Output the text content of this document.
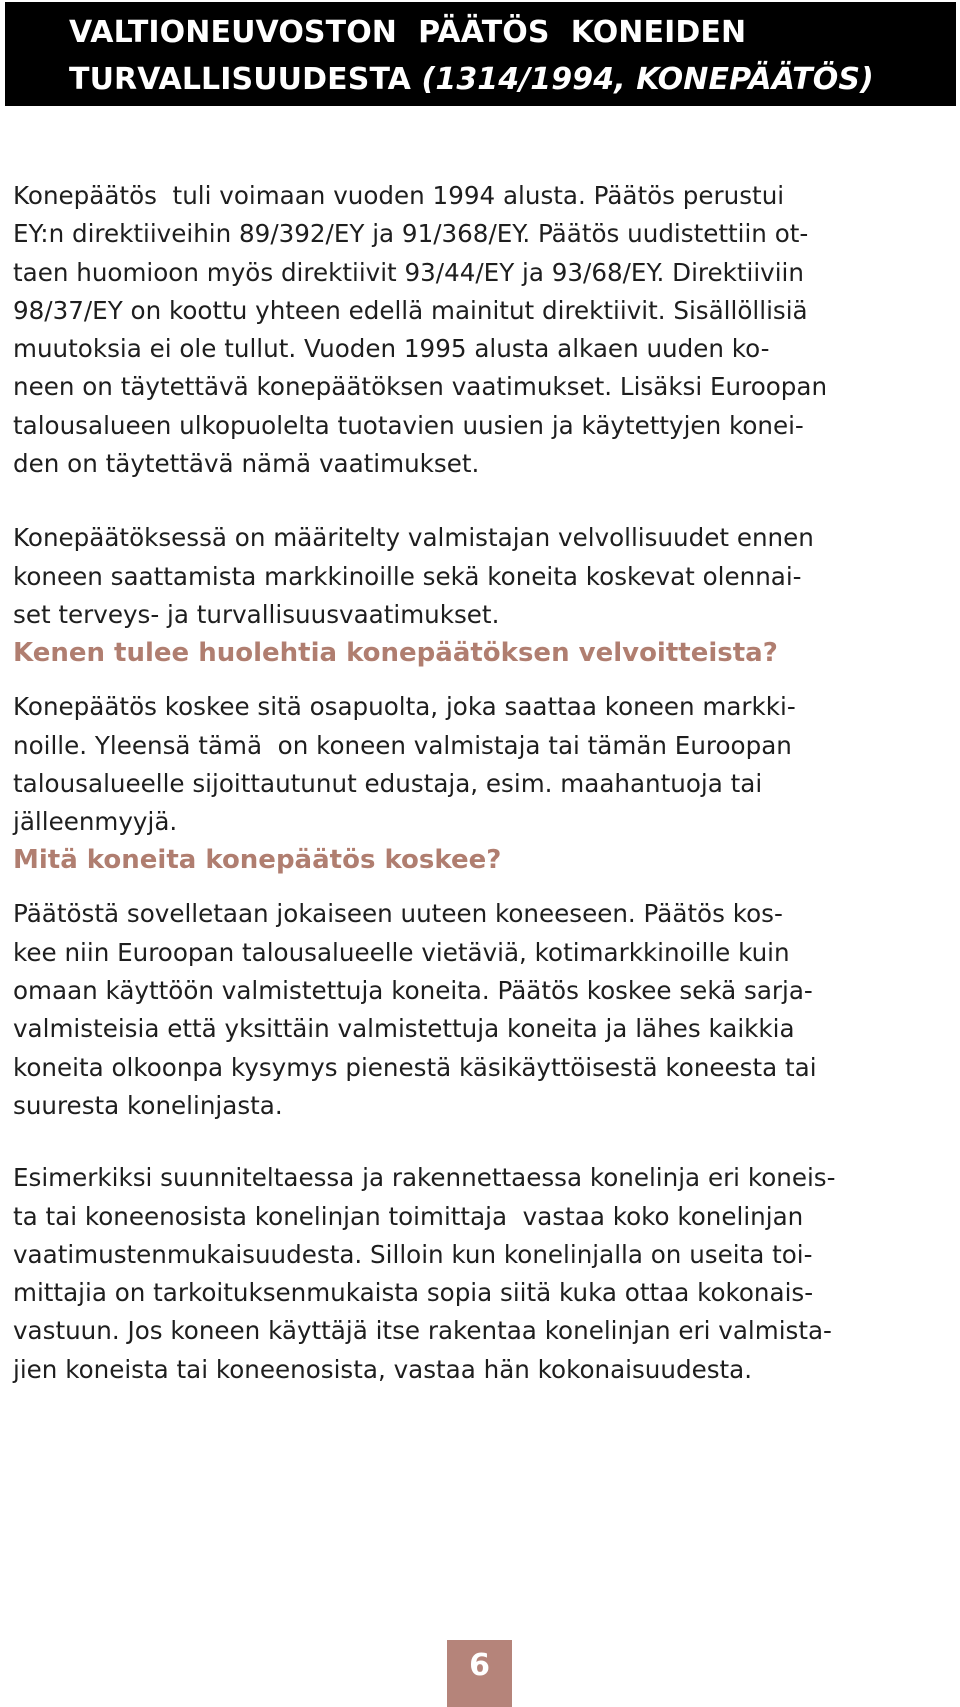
VALTIONEUVOSTON  PÄÄTÖS  KONEIDEN
TURVALLISUUDESTA (1314/1994, KONEPÄÄTÖS)

Konepäätös  tuli voimaan vuoden 1994 alusta. Päätös perustui
EY:n direktiiveihin 89/392/EY ja 91/368/EY. Päätös uudistettiin ot-
taen huomioon myös direktiivit 93/44/EY ja 93/68/EY. Direktiiviin
98/37/EY on koottu yhteen edellä mainitut direktiivit. Sisällöllisiä
muutoksia ei ole tullut. Vuoden 1995 alusta alkaen uuden ko-
neen on täytettävä konepäätöksen vaatimukset. Lisäksi Euroopan
talousalueen ulkopuolelta tuotavien uusien ja käytettyjen konei-
den on täytettävä nämä vaatimukset.

Konepäätöksessä on määritelty valmistajan velvollisuudet ennen
koneen saattamista markkinoille sekä koneita koskevat olennai-
set terveys- ja turvallisuusvaatimukset.

Kenen tulee huolehtia konepäätöksen velvoitteista?

Konepäätös koskee sitä osapuolta, joka saattaa koneen markki-
noille. Yleensä tämä  on koneen valmistaja tai tämän Euroopan
talousalueelle sijoittautunut edustaja, esim. maahantuoja tai
jälleenmyyjä.

Mitä koneita konepäätös koskee?

Päätöstä sovelletaan jokaiseen uuteen koneeseen. Päätös kos-
kee niin Euroopan talousalueelle vietäviä, kotimarkkinoille kuin
omaan käyttöön valmistettuja koneita. Päätös koskee sekä sarja-
valmisteisia että yksittäin valmistettuja koneita ja lähes kaikkia
koneita olkoonpa kysymys pienestä käsikäyttöisestä koneesta tai
suuresta konelinjasta.

Esimerkiksi suunniteltaessa ja rakennettaessa konelinja eri koneis-
ta tai koneenosista konelinjan toimittaja  vastaa koko konelinjan
vaatimustenmukaisuudesta. Silloin kun konelinjalla on useita toi-
mittajia on tarkoituksenmukaista sopia siitä kuka ottaa kokonais-
vastuun. Jos koneen käyttäjä itse rakentaa konelinjan eri valmista-
jien koneista tai koneenosista, vastaa hän kokonaisuudesta.

6
